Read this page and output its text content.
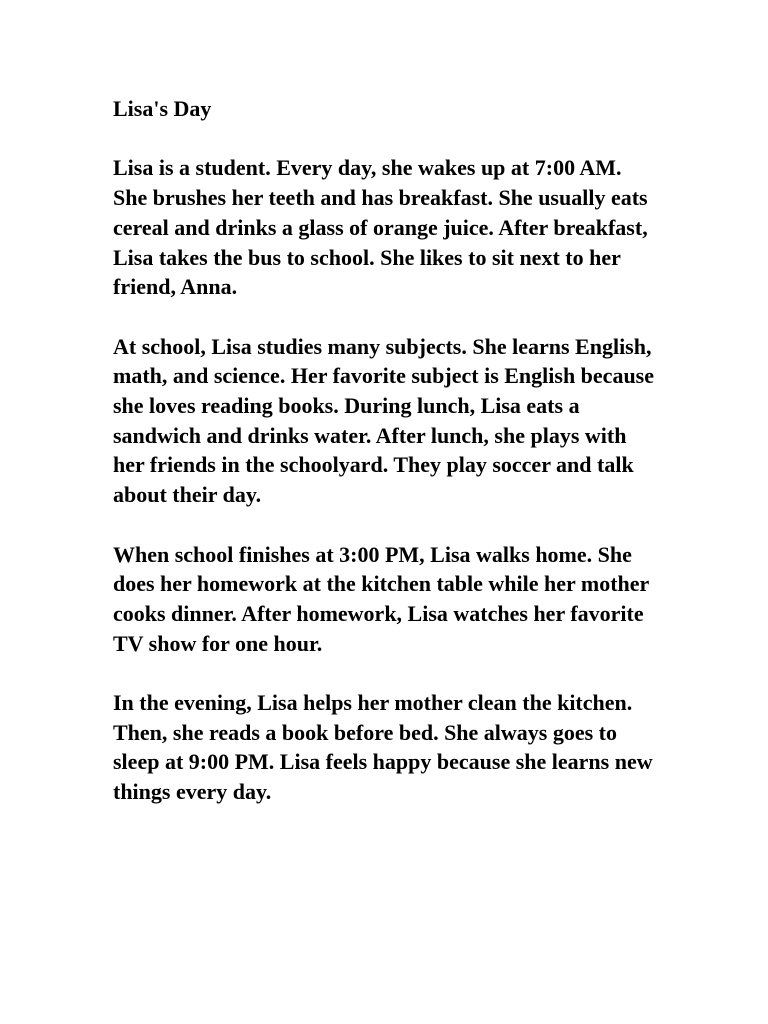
Lisa's Day

Lisa is a student. Every day, she wakes up at 7:00 AM. She brushes her teeth and has breakfast. She usually eats cereal and drinks a glass of orange juice. After breakfast, Lisa takes the bus to school. She likes to sit next to her friend, Anna.

At school, Lisa studies many subjects. She learns English, math, and science. Her favorite subject is English because she loves reading books. During lunch, Lisa eats a sandwich and drinks water. After lunch, she plays with her friends in the schoolyard. They play soccer and talk about their day.

When school finishes at 3:00 PM, Lisa walks home. She does her homework at the kitchen table while her mother cooks dinner. After homework, Lisa watches her favorite TV show for one hour.

In the evening, Lisa helps her mother clean the kitchen. Then, she reads a book before bed. She always goes to sleep at 9:00 PM. Lisa feels happy because she learns new things every day.
